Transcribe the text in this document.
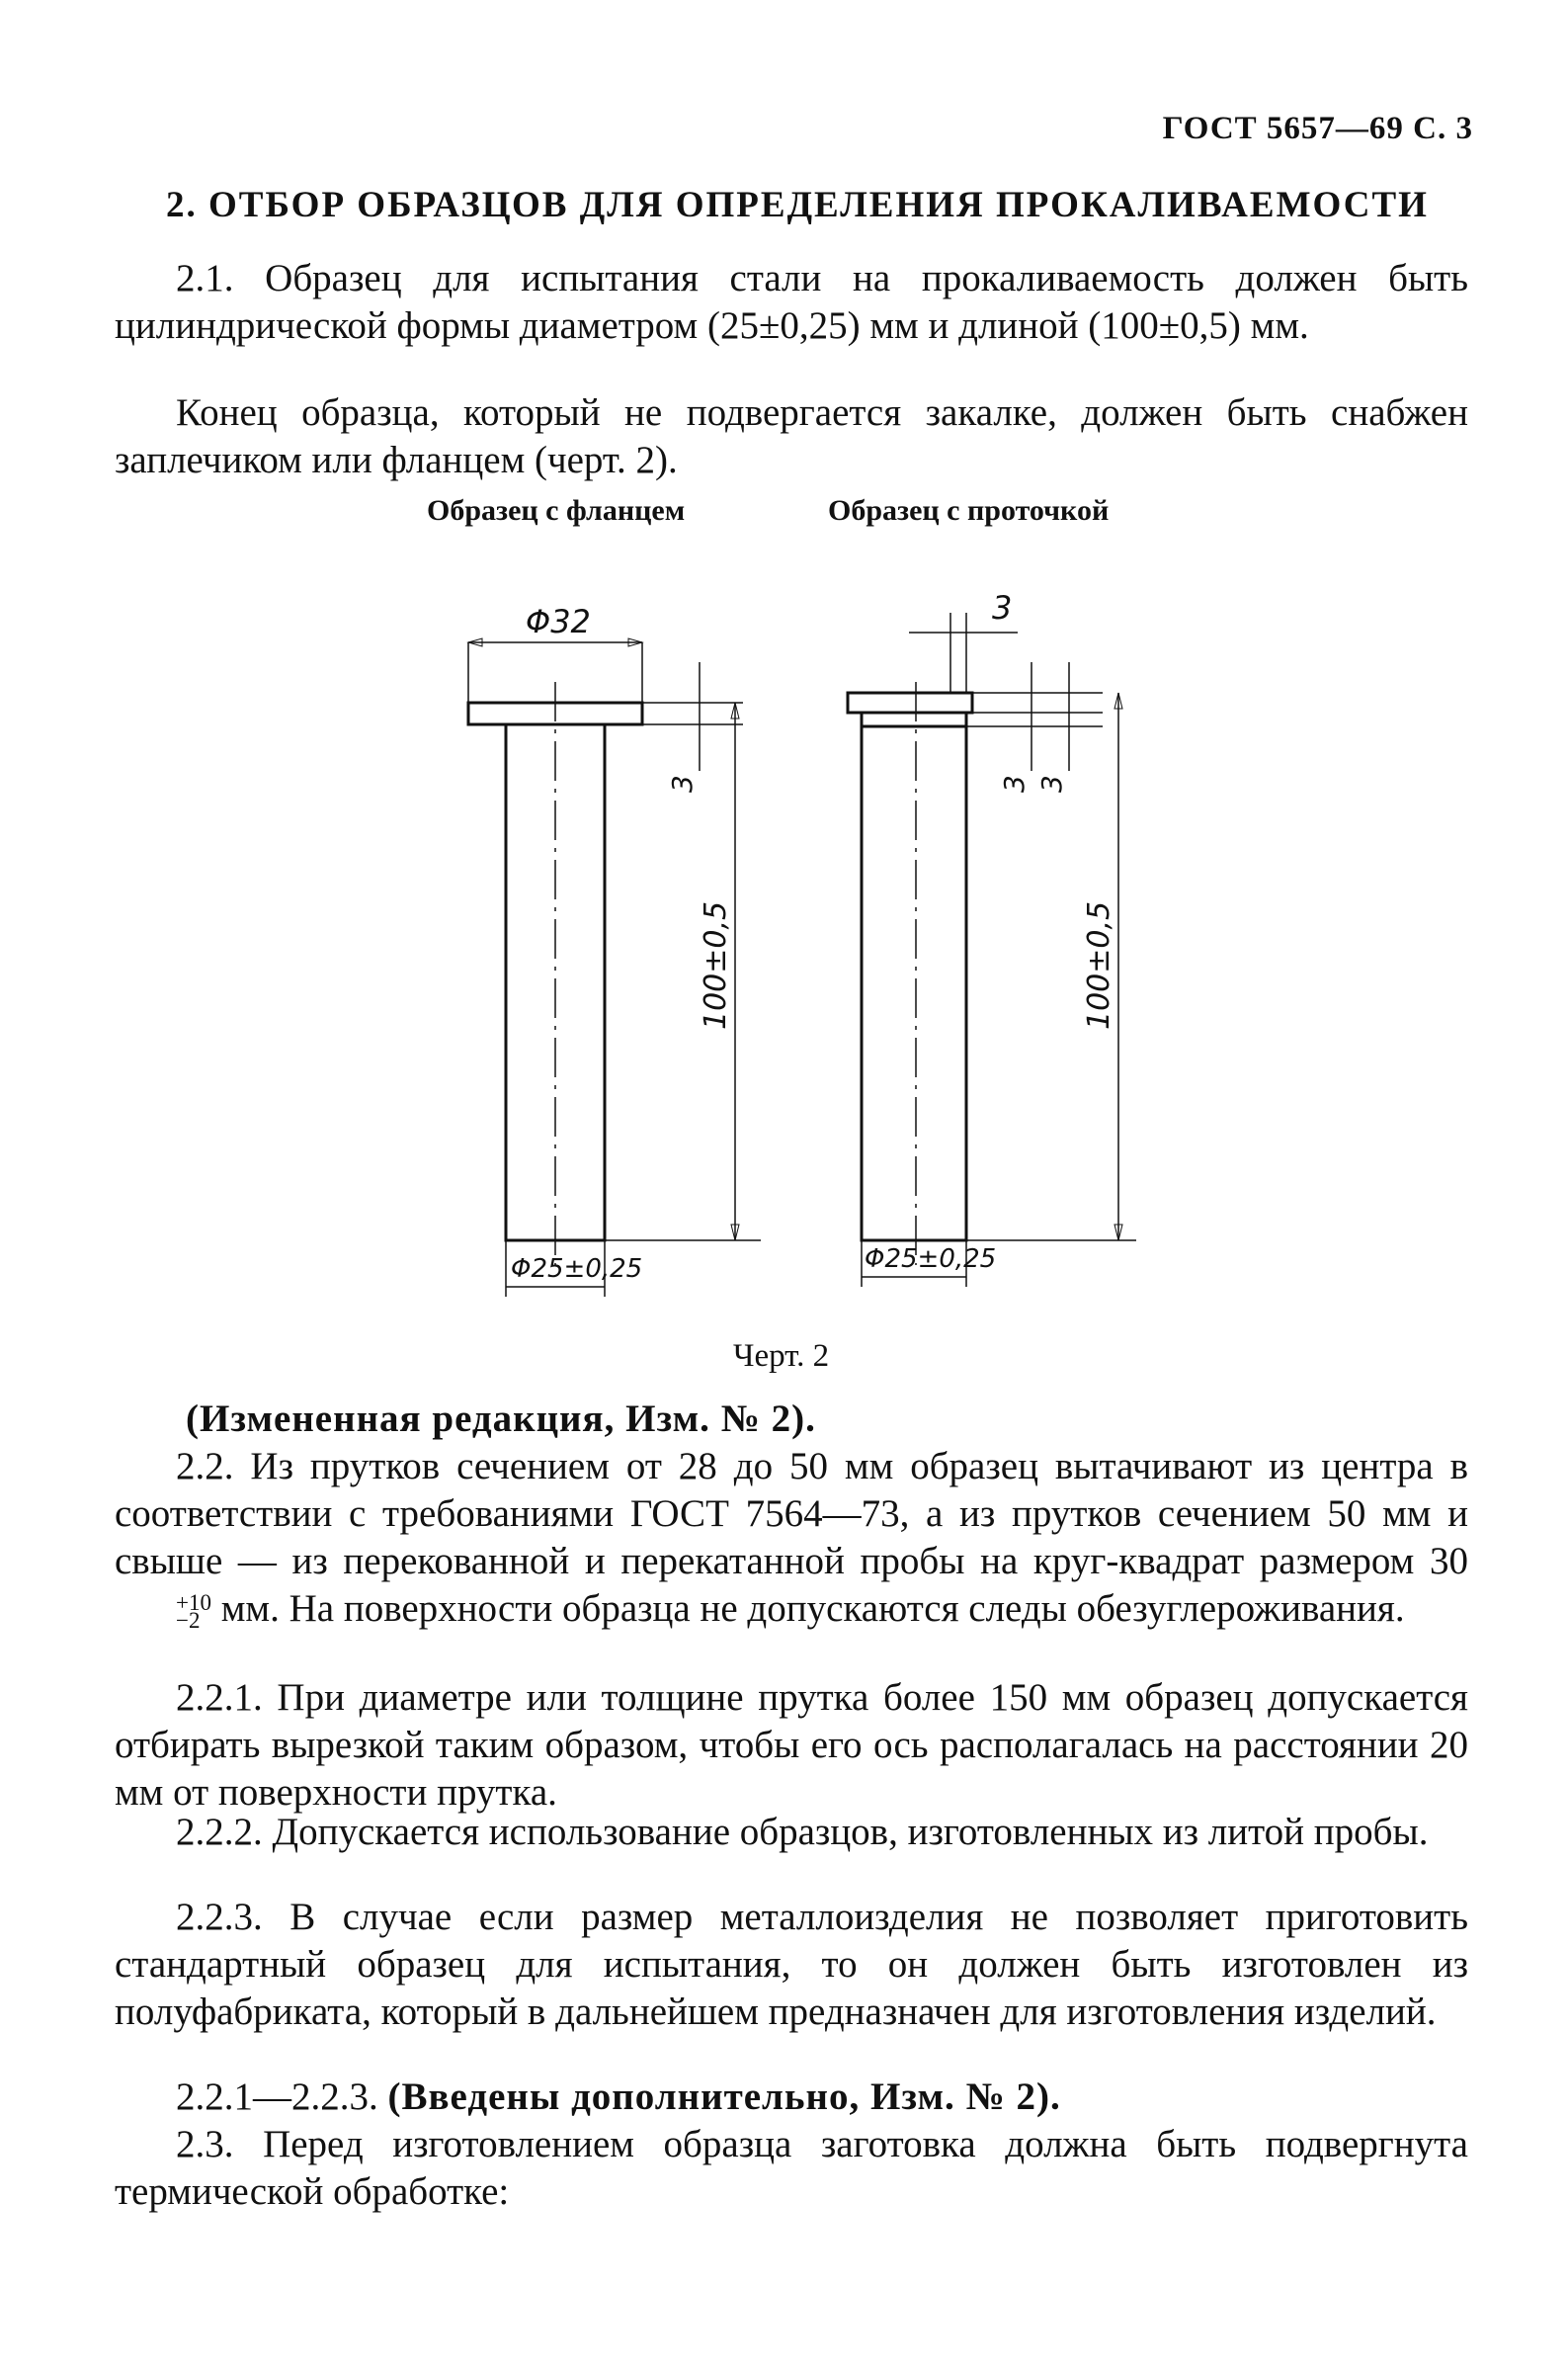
ГОСТ 5657—69 С. 3
2. ОТБОР ОБРАЗЦОВ ДЛЯ ОПРЕДЕЛЕНИЯ ПРОКАЛИВАЕМОСТИ
2.1. Образец для испытания стали на прокаливаемость должен быть цилиндрической формы диаметром (25±0,25) мм и длиной (100±0,5) мм.
Конец образца, который не подвергается закалке, должен быть снабжен заплечиком или фланцем (черт. 2).
Образец с фланцем	Образец с проточкой
Φ32
3
100±0,5
Φ25±0,25
3
3 3
100±0,5
Φ25±0,25
Черт. 2
(Измененная редакция, Изм. № 2).
2.2. Из прутков сечением от 28 до 50 мм образец вытачивают из центра в соответствии с требованиями ГОСТ 7564—73, а из прутков сечением 50 мм и свыше — из перекованной и перекатанной пробы на круг-квадрат размером 30
+10
−2 мм. На поверхности образца не допускаются следы обезуглероживания.
2.2.1. При диаметре или толщине прутка более 150 мм образец допускается отбирать вырезкой таким образом, чтобы его ось располагалась на расстоянии 20 мм от поверхности прутка.
2.2.2. Допускается использование образцов, изготовленных из литой пробы.
2.2.3. В случае если размер металлоизделия не позволяет приготовить стандартный образец для испытания, то он должен быть изготовлен из полуфабриката, который в дальнейшем предназначен для изготовления изделий.
2.2.1—2.2.3. (Введены дополнительно, Изм. № 2).
2.3. Перед изготовлением образца заготовка должна быть подвергнута термической обработке:
